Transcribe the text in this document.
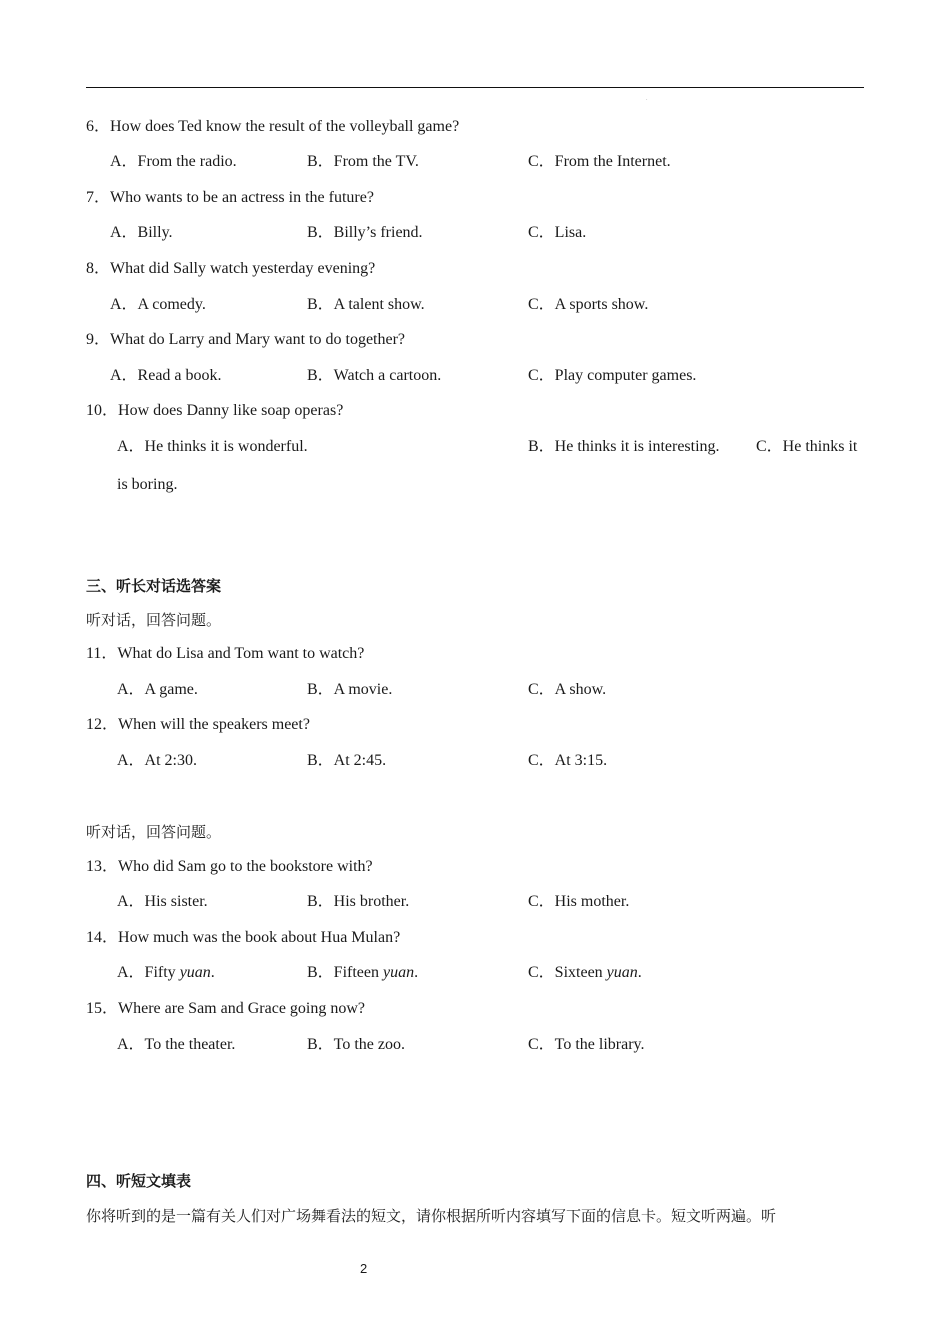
.
6．How does Ted know the result of the volleyball game?
A．From the radio.	B．From the TV.	C．From the Internet.
7．Who wants to be an actress in the future?
A．Billy.	B．Billy’s friend.	C．Lisa.
8．What did Sally watch yesterday evening?
A．A comedy.	B．A talent show.	C．A sports show.
9．What do Larry and Mary want to do together?
A．Read a book.	B．Watch a cartoon.	C．Play computer games.
10．How does Danny like soap operas?
A．He thinks it is wonderful.	B．He thinks it is interesting. C．He thinks it
is boring.
三、听长对话选答案
听对话，回答问题。
11．What do Lisa and Tom want to watch?
A．A game.	B．A movie.	C．A show.
12．When will the speakers meet?
A．At 2:30.	B．At 2:45.	C．At 3:15.
听对话，回答问题。
13．Who did Sam go to the bookstore with?
A．His sister.	B．His brother.	C．His mother.
14．How much was the book about Hua Mulan?
A．Fifty yuan.	B．Fifteen yuan.	C．Sixteen yuan.
15．Where are Sam and Grace going now?
A．To the theater.	B．To the zoo.	C．To the library.
四、听短文填表
你将听到的是一篇有关人们对广场舞看法的短文，请你根据所听内容填写下面的信息卡。短文听两遍。听
2
